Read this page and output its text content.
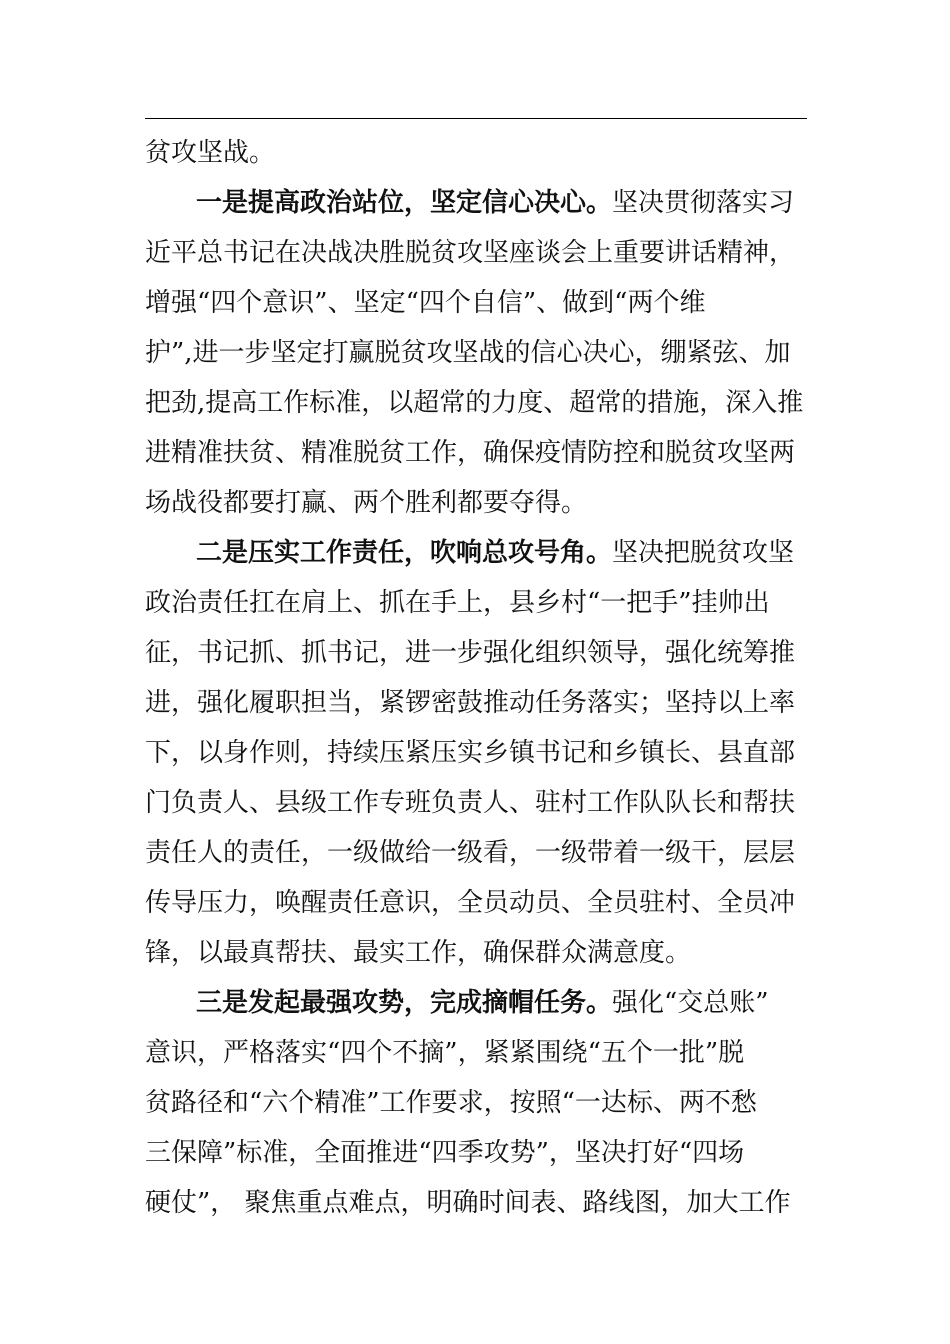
贫攻坚战。
一是提高政治站位，坚定信心决心。坚决贯彻落实习
近平总书记在决战决胜脱贫攻坚座谈会上重要讲话精神，
增强“四个意识”、坚定“四个自信”、做到“两个维
护”,进一步坚定打赢脱贫攻坚战的信心决心，绷紧弦、加
把劲,提高工作标准，以超常的力度、超常的措施，深入推
进精准扶贫、精准脱贫工作，确保疫情防控和脱贫攻坚两
场战役都要打赢、两个胜利都要夺得。
二是压实工作责任，吹响总攻号角。坚决把脱贫攻坚
政治责任扛在肩上、抓在手上，县乡村“一把手”挂帅出
征，书记抓、抓书记，进一步强化组织领导，强化统筹推
进，强化履职担当，紧锣密鼓推动任务落实；坚持以上率
下，以身作则，持续压紧压实乡镇书记和乡镇长、县直部
门负责人、县级工作专班负责人、驻村工作队队长和帮扶
责任人的责任，一级做给一级看，一级带着一级干，层层
传导压力，唤醒责任意识，全员动员、全员驻村、全员冲
锋，以最真帮扶、最实工作，确保群众满意度。
三是发起最强攻势，完成摘帽任务。强化“交总账”
意识，严格落实“四个不摘”，紧紧围绕“五个一批”脱
贫路径和“六个精准”工作要求，按照“一达标、两不愁
三保障”标准，全面推进“四季攻势”，坚决打好“四场
硬仗”， 聚焦重点难点，明确时间表、路线图，加大工作
